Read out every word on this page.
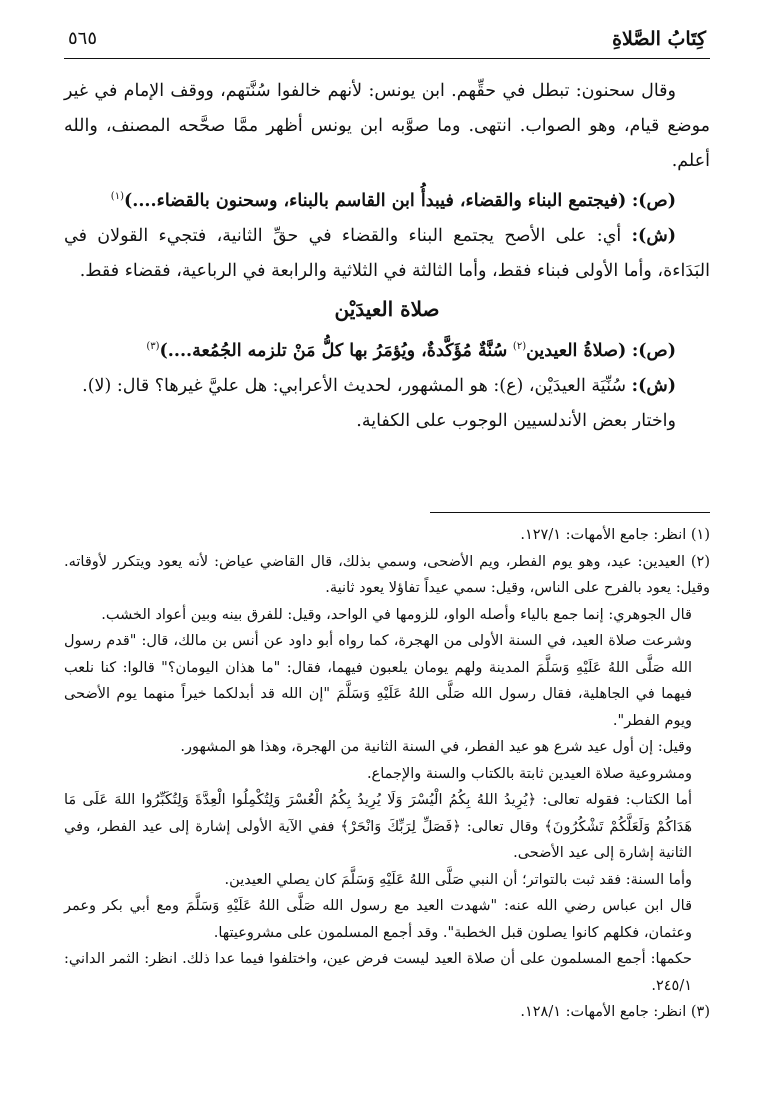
كِتَابُ الصَّلاةِ
٥٦٥

وقال سحنون: تبطل في حقِّهم. ابن يونس: لأنهم خالفوا سُنَّتهم، ووقف الإمام في غير موضع قيام، وهو الصواب. انتهى. وما صوَّبه ابن يونس أظهر ممَّا صحَّحه المصنف، والله أعلم.

(ص): (فيجتمع البناء والقضاء، فيبدأُ ابن القاسم بالبناء، وسحنون بالقضاء....)$^{(١)}$

(ش): أي: على الأصح يجتمع البناء والقضاء في حقِّ الثانية، فتجيء القولان في البَدَاءة، وأما الأولى فبناء فقط، وأما الثالثة في الثلاثية والرابعة في الرباعية، فقضاء فقط.

صلاة العيدَيْن

(ص): (صلاةُ العيدين$^{(٢)}$ سُنَّةٌ مُؤَكَّدةٌ، ويُؤمَرُ بها كلُّ مَنْ تلزمه الجُمُعة....)$^{(٣)}$

(ش): سُنِّيَة العيدَيْن، (ع): هو المشهور، لحديث الأعرابي: هل عليَّ غيرها؟ قال: (لا).

واختار بعض الأندلسيين الوجوب على الكفاية.

(١) انظر: جامع الأمهات: ١٢٧/١.

(٢) العيدين: عيد، وهو يوم الفطر، ويم الأضحى، وسمي بذلك، قال القاضي عياض: لأنه يعود ويتكرر لأوقاته. وقيل: يعود بالفرح على الناس، وقيل: سمي عيداً تفاؤلا يعود ثانية.

قال الجوهري: إنما جمع بالياء وأصله الواو، للزومها في الواحد، وقيل: للفرق بينه وبين أعواد الخشب.

وشرعت صلاة العيد، في السنة الأولى من الهجرة، كما رواه أبو داود عن أنس بن مالك، قال: "قدم رسول الله صَلَّى اللهُ عَلَيْهِ وَسَلَّمَ المدينة ولهم يومان يلعبون فيهما، فقال: "ما هذان اليومان؟" قالوا: كنا نلعب فيهما في الجاهلية، فقال رسول الله صَلَّى اللهُ عَلَيْهِ وَسَلَّمَ "إن الله قد أبدلكما خيراً منهما يوم الأضحى ويوم الفطر".

وقيل: إن أول عيد شرع هو عيد الفطر، في السنة الثانية من الهجرة، وهذا هو المشهور.

ومشروعية صلاة العيدين ثابتة بالكتاب والسنة والإجماع.

أما الكتاب: فقوله تعالى: ﴿يُرِيدُ اللهُ بِكُمُ الْيُسْرَ وَلَا يُرِيدُ بِكُمُ الْعُسْرَ وَلِتُكْمِلُوا الْعِدَّةَ وَلِتُكَبِّرُوا اللهَ عَلَى مَا هَدَاكُمْ وَلَعَلَّكُمْ تَشْكُرُونَ﴾ وقال تعالى: ﴿فَصَلِّ لِرَبِّكَ وَانْحَرْ﴾ ففي الآية الأولى إشارة إلى عيد الفطر، وفي الثانية إشارة إلى عيد الأضحى.

وأما السنة: فقد ثبت بالتواتر؛ أن النبي صَلَّى اللهُ عَلَيْهِ وَسَلَّمَ كان يصلي العيدين.

قال ابن عباس رضي الله عنه: "شهدت العيد مع رسول الله صَلَّى اللهُ عَلَيْهِ وَسَلَّمَ ومع أبي بكر وعمر وعثمان، فكلهم كانوا يصلون قبل الخطبة". وقد أجمع المسلمون على مشروعيتها.

حكمها: أجمع المسلمون على أن صلاة العيد ليست فرض عين، واختلفوا فيما عدا ذلك. انظر: الثمر الداني: ٢٤٥/١.

(٣) انظر: جامع الأمهات: ١٢٨/١.
